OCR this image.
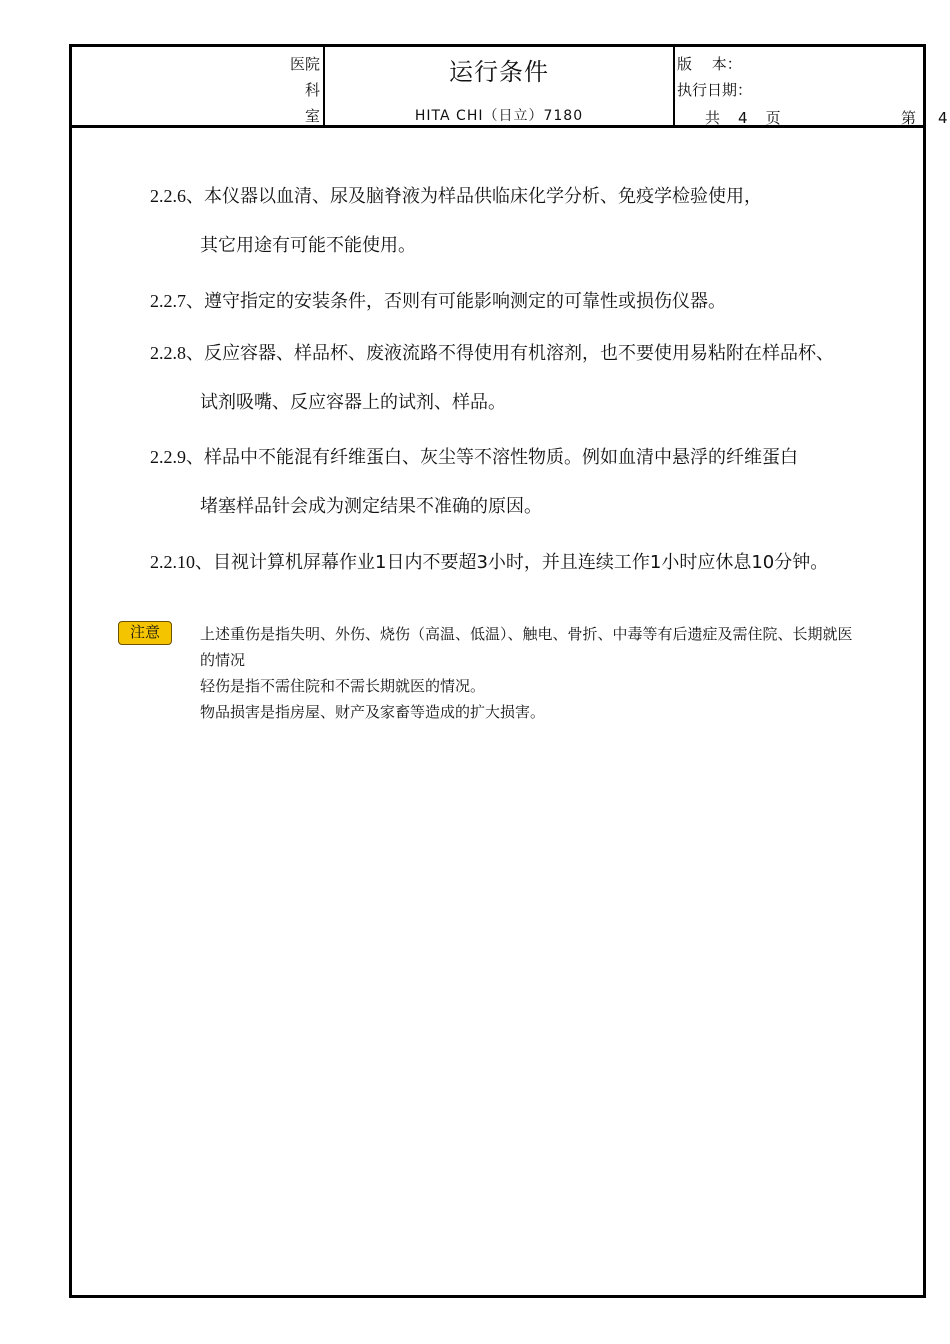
医院
科
室
运行条件
HITA CHI（日立）7180
版　 本：
执行日期：
共 4 页	第 4
2.2.6、本仪器以血清、尿及脑脊液为样品供临床化学分析、免疫学检验使用，
其它用途有可能不能使用。
2.2.7、遵守指定的安装条件，否则有可能影响测定的可靠性或损伤仪器。
2.2.8、反应容器、样品杯、废液流路不得使用有机溶剂，也不要使用易粘附在样品杯、
试剂吸嘴、反应容器上的试剂、样品。
2.2.9、样品中不能混有纤维蛋白、灰尘等不溶性物质。例如血清中悬浮的纤维蛋白
堵塞样品针会成为测定结果不准确的原因。
2.2.10、目视计算机屏幕作业1日内不要超3小时，并且连续工作1小时应休息10分钟。
注意	上述重伤是指失明、外伤、烧伤（高温、低温）、触电、骨折、中毒等有后遗症及需住院、长期就医
的情况
轻伤是指不需住院和不需长期就医的情况。
物品损害是指房屋、财产及家畜等造成的扩大损害。
